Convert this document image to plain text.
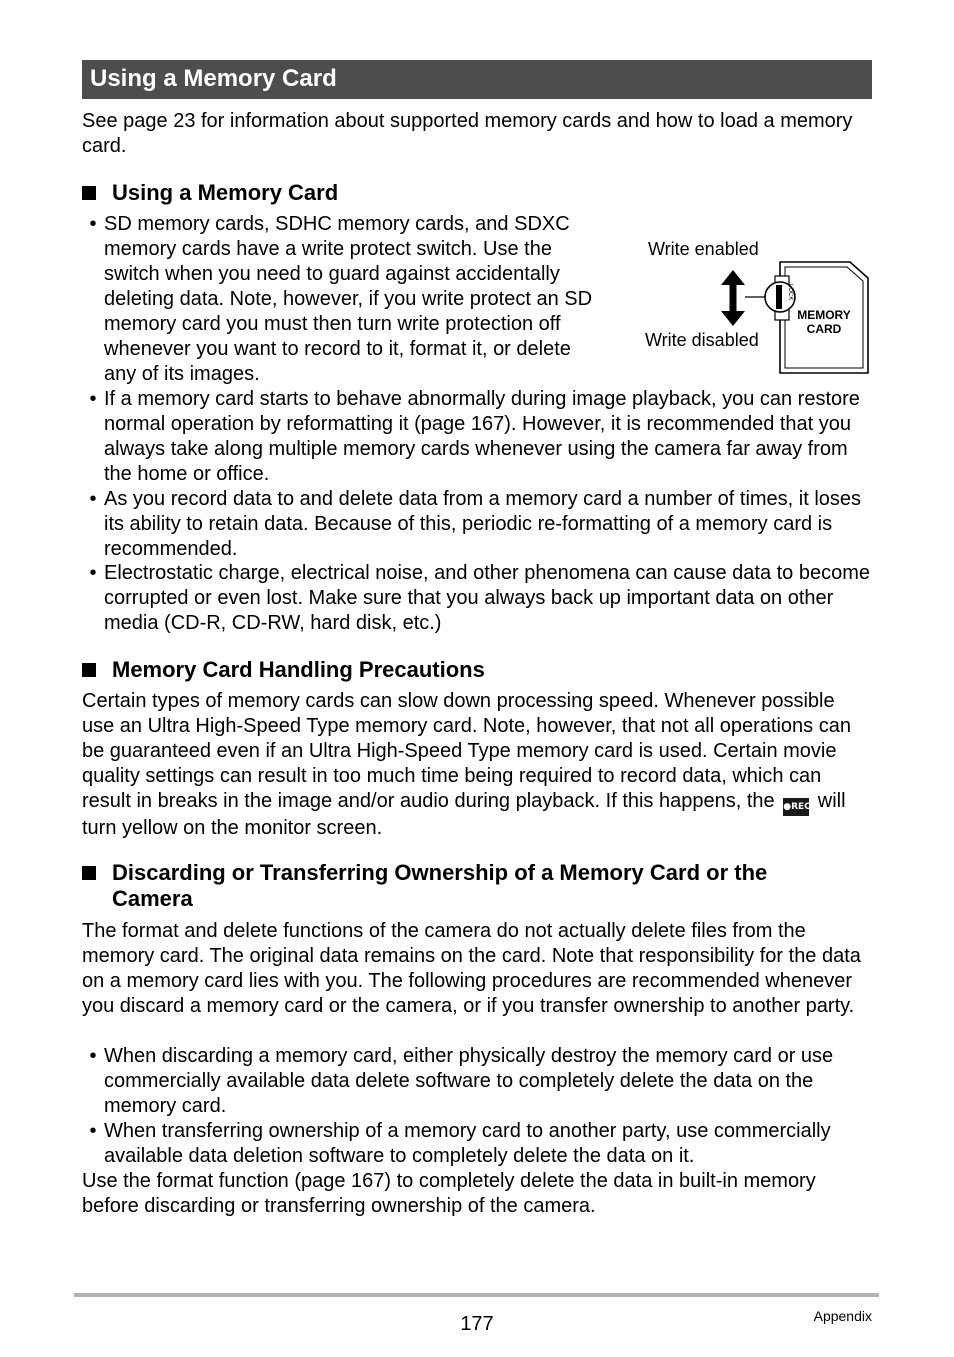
Using a Memory Card
See page 23 for information about supported memory cards and how to load a memory card.
Using a Memory Card
• SD memory cards, SDHC memory cards, and SDXC memory cards have a write protect switch. Use the switch when you need to guard against accidentally deleting data. Note, however, if you write protect an SD memory card you must then turn write protection off whenever you want to record to it, format it, or delete any of its images.
• If a memory card starts to behave abnormally during image playback, you can restore normal operation by reformatting it (page 167). However, it is recommended that you always take along multiple memory cards whenever using the camera far away from the home or office.
• As you record data to and delete data from a memory card a number of times, it loses its ability to retain data. Because of this, periodic re-formatting of a memory card is recommended.
• Electrostatic charge, electrical noise, and other phenomena can cause data to become corrupted or even lost. Make sure that you always back up important data on other media (CD-R, CD-RW, hard disk, etc.)
Write enabled
Write disabled
LOCK
MEMORY
CARD
Memory Card Handling Precautions
Certain types of memory cards can slow down processing speed. Whenever possible use an Ultra High-Speed Type memory card. Note, however, that not all operations can be guaranteed even if an Ultra High-Speed Type memory card is used. Certain movie quality settings can result in too much time being required to record data, which can result in breaks in the image and/or audio during playback. If this happens, the ●REC will turn yellow on the monitor screen.
Discarding or Transferring Ownership of a Memory Card or the Camera
The format and delete functions of the camera do not actually delete files from the memory card. The original data remains on the card. Note that responsibility for the data on a memory card lies with you. The following procedures are recommended whenever you discard a memory card or the camera, or if you transfer ownership to another party.
• When discarding a memory card, either physically destroy the memory card or use commercially available data delete software to completely delete the data on the memory card.
• When transferring ownership of a memory card to another party, use commercially available data deletion software to completely delete the data on it.
Use the format function (page 167) to completely delete the data in built-in memory before discarding or transferring ownership of the camera.
177	Appendix
